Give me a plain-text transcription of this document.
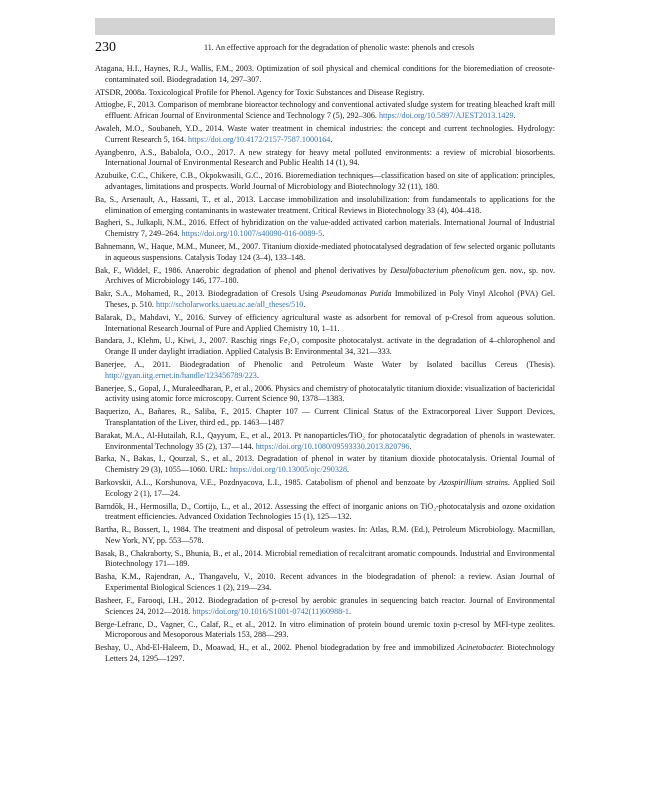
230	11. An effective approach for the degradation of phenolic waste: phenols and cresols

Atagana, H.I., Haynes, R.J., Wallis, F.M., 2003. Optimization of soil physical and chemical conditions for the bioremediation of creosote-contaminated soil. Biodegradation 14, 297–307.

ATSDR, 2008a. Toxicological Profile for Phenol. Agency for Toxic Substances and Disease Registry.

Attiogbe, F., 2013. Comparison of membrane bioreactor technology and conventional activated sludge system for treating bleached kraft mill effluent. African Journal of Environmental Science and Technology 7 (5), 292–306. https://doi.org/10.5897/AJEST2013.1429.

Awaleh, M.O., Soubaneh, Y.D., 2014. Waste water treatment in chemical industries: the concept and current technologies. Hydrology: Current Research 5, 164. https://doi.org/10.4172/2157-7587.1000164.

Ayangbenro, A.S., Babalola, O.O., 2017. A new strategy for heavy metal polluted environments: a review of microbial biosorbents. International Journal of Environmental Research and Public Health 14 (1), 94.

Azubuike, C.C., Chikere, C.B., Okpokwasili, G.C., 2016. Bioremediation techniques—classification based on site of application: principles, advantages, limitations and prospects. World Journal of Microbiology and Biotechnology 32 (11), 180.

Ba, S., Arsenault, A., Hassani, T., et al., 2013. Laccase immobilization and insolubilization: from fundamentals to applications for the elimination of emerging contaminants in wastewater treatment. Critical Reviews in Biotechnology 33 (4), 404–418.

Bagheri, S., Julkapli, N.M., 2016. Effect of hybridization on the value-added activated carbon materials. International Journal of Industrial Chemistry 7, 249–264. https://doi.org/10.1007/s40090-016-0089-5.

Bahnemann, W., Haque, M.M., Muneer, M., 2007. Titanium dioxide-mediated photocatalysed degradation of few selected organic pollutants in aqueous suspensions. Catalysis Today 124 (3–4), 133–148.

Bak, F., Widdel, F., 1986. Anaerobic degradation of phenol and phenol derivatives by Desulfobacterium phenolicum gen. nov., sp. nov. Archives of Microbiology 146, 177–180.

Bakr, S.A., Mohamed, R., 2013. Biodegradation of Cresols Using Pseudomonas Putida Immobilized in Poly Vinyl Alcohol (PVA) Gel. Theses, p. 510. http://scholarworks.uaeu.ac.ae/all_theses/510.

Balarak, D., Mahdavi, Y., 2016. Survey of efficiency agricultural waste as adsorbent for removal of p-Cresol from aqueous solution. International Research Journal of Pure and Applied Chemistry 10, 1–11.

Bandara, J., Klehm, U., Kiwi, J., 2007. Raschig rings Fe₂O₃ composite photocatalyst. activate in the degradation of 4–chlorophenol and Orange II under daylight irradiation. Applied Catalysis B: Environmental 34, 321—333.

Banerjee, A., 2011. Biodegradation of Phenolic and Petroleum Waste Water by Isolated bacillus Cereus (Thesis). http://gyan.iitg.ernet.in/handle/123456789/223.

Banerjee, S., Gopal, J., Muraleedharan, P., et al., 2006. Physics and chemistry of photocatalytic titanium dioxide: visualization of bactericidal activity using atomic force microscopy. Current Science 90, 1378—1383.

Baquerizo, A., Bañares, R., Saliba, F., 2015. Chapter 107 — Current Clinical Status of the Extracorporeal Liver Support Devices, Transplantation of the Liver, third ed., pp. 1463—1487

Barakat, M.A., Al-Hutailah, R.I., Qayyum, E., et al., 2013. Pt nanoparticles/TiO₂ for photocatalytic degradation of phenols in wastewater. Environmental Technology 35 (2), 137—144. https://doi.org/10.1080/09593330.2013.820796.

Barka, N., Bakas, I., Qourzal, S., et al., 2013. Degradation of phenol in water by titanium dioxide photocatalysis. Oriental Journal of Chemistry 29 (3), 1055—1060. URL: https://doi.org/10.13005/ojc/290328.

Barkovskii, A.L., Korshunova, V.E., Pozdnyacova, L.I., 1985. Catabolism of phenol and benzoate by Azospirillium strains. Applied Soil Ecology 2 (1), 17—24.

Barndõk, H., Hermosilla, D., Cortijo, L., et al., 2012. Assessing the effect of inorganic anions on TiO₂-photocatalysis and ozone oxidation treatment efficiencies. Advanced Oxidation Technologies 15 (1), 125—132.

Bartha, R., Bossert, I., 1984. The treatment and disposal of petroleum wastes. In: Atlas, R.M. (Ed.), Petroleum Microbiology. Macmillan, New York, NY, pp. 553—578.

Basak, B., Chakraborty, S., Bhunia, B., et al., 2014. Microbial remediation of recalcitrant aromatic compounds. Industrial and Environmental Biotechnology 171—189.

Basha, K.M., Rajendran, A., Thangavelu, V., 2010. Recent advances in the biodegradation of phenol: a review. Asian Journal of Experimental Biological Sciences 1 (2), 219—234.

Basheer, F., Farooqi, I.H., 2012. Biodegradation of p-cresol by aerobic granules in sequencing batch reactor. Journal of Environmental Sciences 24, 2012—2018. https://doi.org/10.1016/S1001-0742(11)60988-1.

Berge-Lefranc, D., Vagner, C., Calaf, R., et al., 2012. In vitro elimination of protein bound uremic toxin p-cresol by MFI-type zeolites. Microporous and Mesoporous Materials 153, 288—293.

Beshay, U., Abd-El-Haleem, D., Moawad, H., et al., 2002. Phenol biodegradation by free and immobilized Acinetobacter. Biotechnology Letters 24, 1295—1297.
